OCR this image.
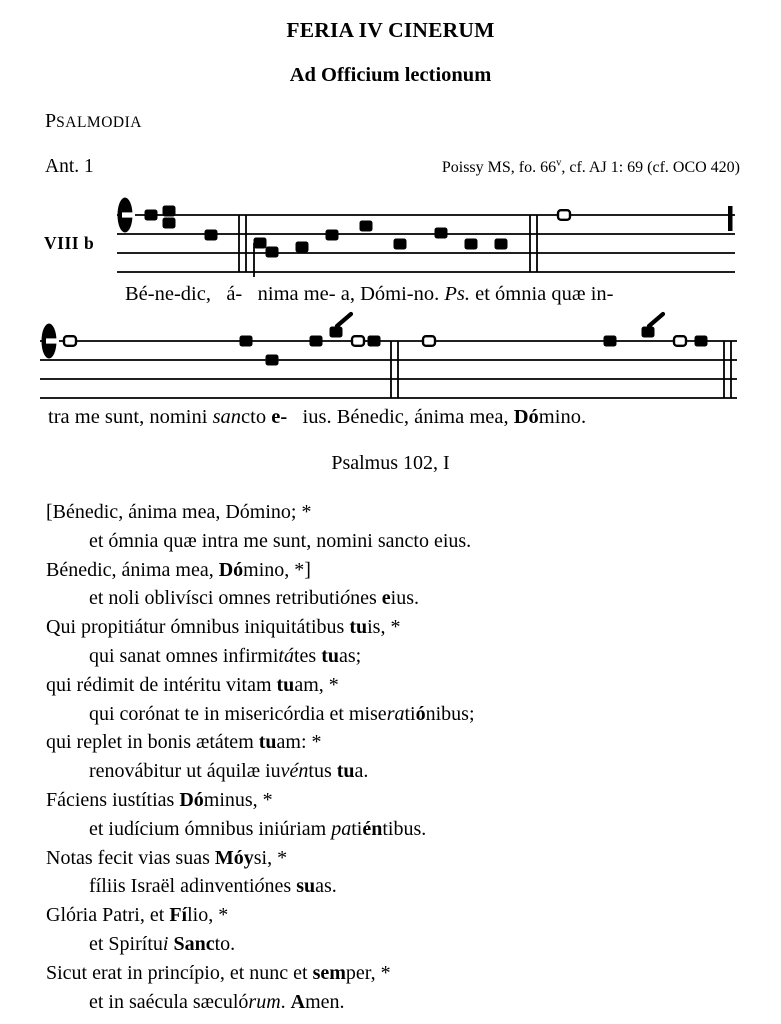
FERIA IV CINERUM
Ad Officium lectionum
PSALMODIA
Ant. 1	Poissy MS, fo. 66$^v$, cf. AJ 1: 69 (cf. OCO 420)
VIII b
Bé-ne-dic,   á-   nima me- a, Dómi-no. Ps. et ómnia quæ in-
tra me sunt, nomini sancto e-   ius. Bénedic, ánima mea, Dómino.
Psalmus 102, I
[Bénedic, ánima mea, Dómino; *
et ómnia quæ intra me sunt, nomini sancto eius.
Bénedic, ánima mea, Dómino, *]
et noli oblivísci omnes retributiónes eius.
Qui propitiátur ómnibus iniquitátibus tuis, *
qui sanat omnes infirmitátes tuas;
qui rédimit de intéritu vitam tuam, *
qui corónat te in misericórdia et miseratiónibus;
qui replet in bonis ætátem tuam: *
renovábitur ut áquilæ iuvéntus tua.
Fáciens iustítias Dóminus, *
et iudícium ómnibus iniúriam patiéntibus.
Notas fecit vias suas Móysi, *
fíliis Israël adinventiónes suas.
Glória Patri, et Fílio, *
et Spirítui Sancto.
Sicut erat in princípio, et nunc et semper, *
et in saécula sæculórum. Amen.
